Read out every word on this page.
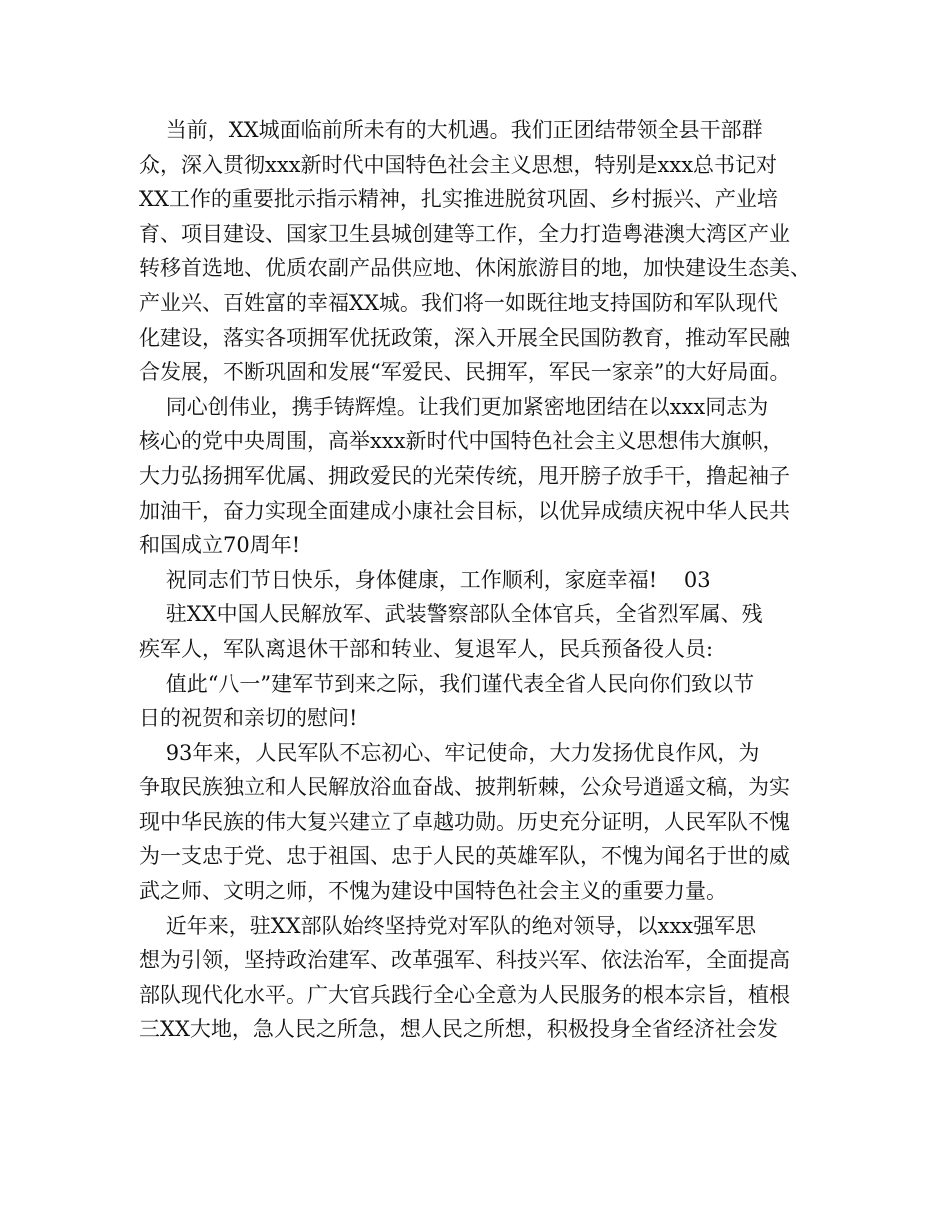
当前，XX城面临前所未有的大机遇。我们正团结带领全县干部群
众，深入贯彻xxx新时代中国特色社会主义思想，特别是xxx总书记对
XX工作的重要批示指示精神，扎实推进脱贫巩固、乡村振兴、产业培
育、项目建设、国家卫生县城创建等工作，全力打造粤港澳大湾区产业
转移首选地、优质农副产品供应地、休闲旅游目的地，加快建设生态美、
产业兴、百姓富的幸福XX城。我们将一如既往地支持国防和军队现代
化建设，落实各项拥军优抚政策，深入开展全民国防教育，推动军民融
合发展，不断巩固和发展“军爱民、民拥军，军民一家亲”的大好局面。
同心创伟业，携手铸辉煌。让我们更加紧密地团结在以xxx同志为
核心的党中央周围，高举xxx新时代中国特色社会主义思想伟大旗帜，
大力弘扬拥军优属、拥政爱民的光荣传统，甩开膀子放手干，撸起袖子
加油干，奋力实现全面建成小康社会目标，以优异成绩庆祝中华人民共
和国成立70周年!
祝同志们节日快乐，身体健康，工作顺利，家庭幸福!    03
驻XX中国人民解放军、武装警察部队全体官兵，全省烈军属、残
疾军人，军队离退休干部和转业、复退军人，民兵预备役人员:
值此“八一”建军节到来之际，我们谨代表全省人民向你们致以节
日的祝贺和亲切的慰问!
93年来，人民军队不忘初心、牢记使命，大力发扬优良作风，为
争取民族独立和人民解放浴血奋战、披荆斩棘，公众号逍遥文稿，为实
现中华民族的伟大复兴建立了卓越功勋。历史充分证明，人民军队不愧
为一支忠于党、忠于祖国、忠于人民的英雄军队，不愧为闻名于世的威
武之师、文明之师，不愧为建设中国特色社会主义的重要力量。
近年来，驻XX部队始终坚持党对军队的绝对领导，以xxx强军思
想为引领，坚持政治建军、改革强军、科技兴军、依法治军，全面提高
部队现代化水平。广大官兵践行全心全意为人民服务的根本宗旨，植根
三XX大地，急人民之所急，想人民之所想，积极投身全省经济社会发
